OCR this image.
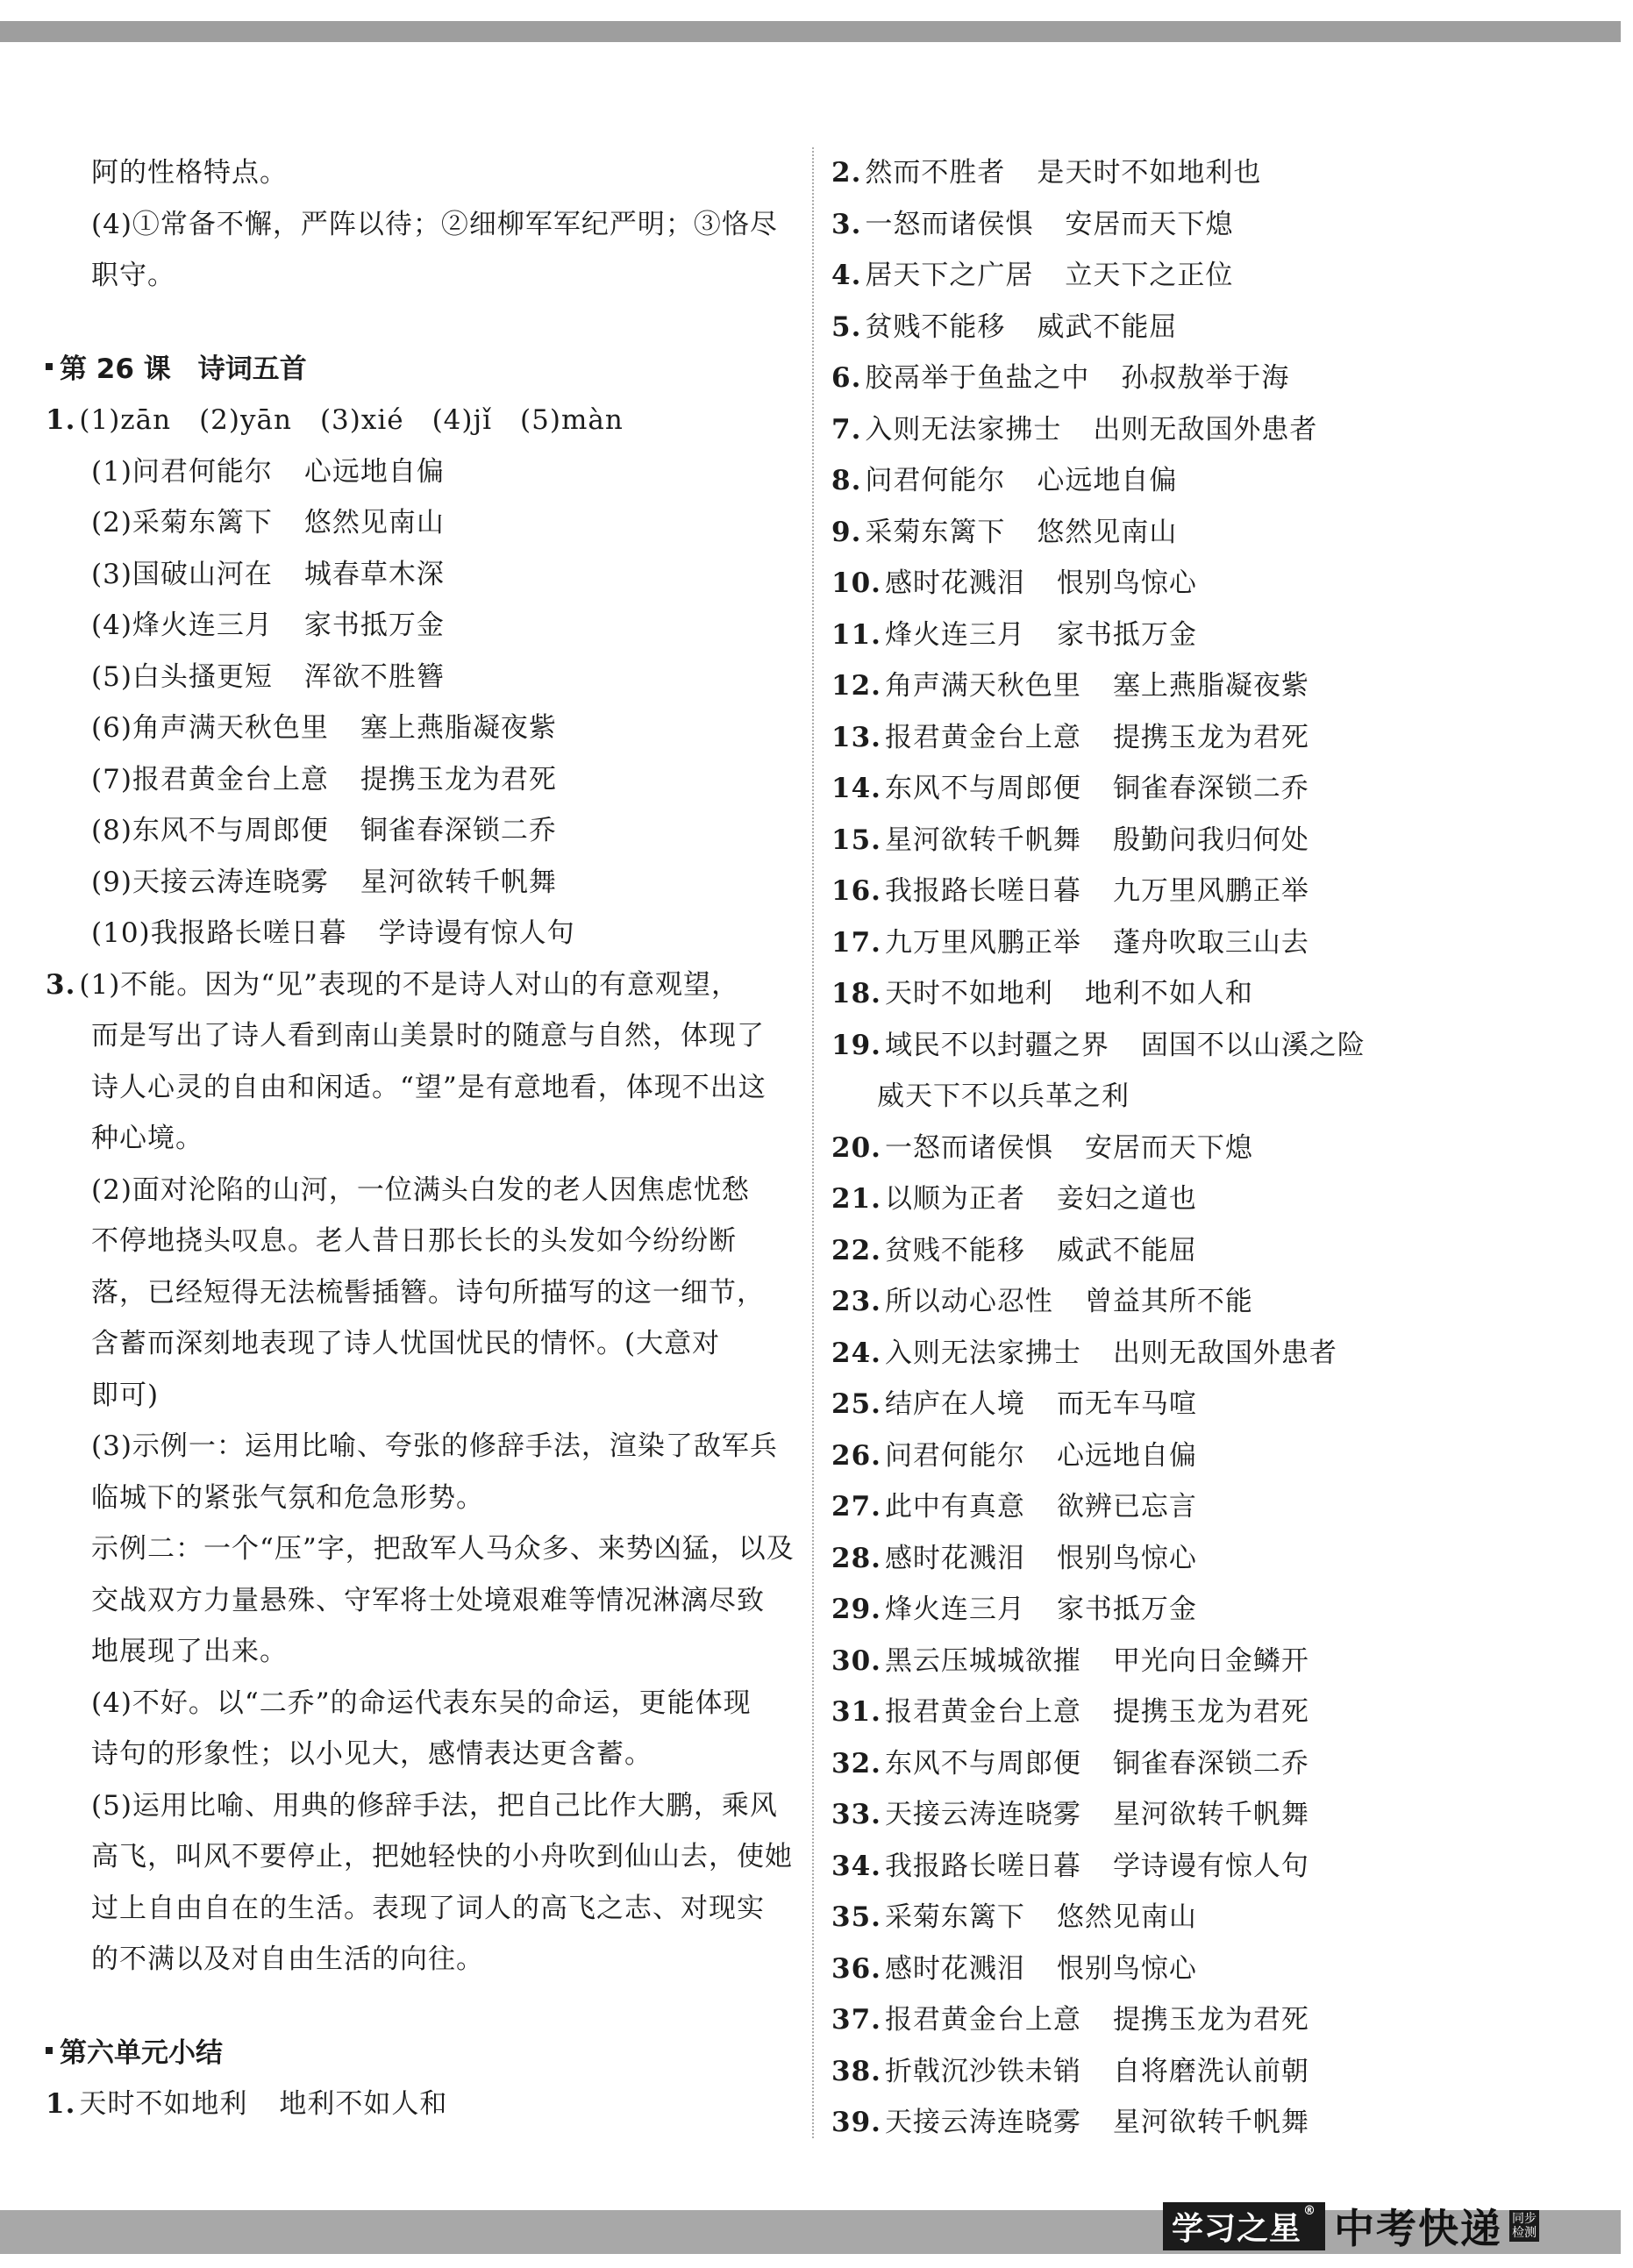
阿的性格特点。
(4)①常备不懈，严阵以待；②细柳军军纪严明；③恪尽
职守。
第 26 课　诗词五首
1. (1)zān　(2)yān　(3)xié　(4)jǐ　(5)màn
(1)问君何能尔 心远地自偏
(2)采菊东篱下 悠然见南山
(3)国破山河在 城春草木深
(4)烽火连三月 家书抵万金
(5)白头搔更短 浑欲不胜簪
(6)角声满天秋色里 塞上燕脂凝夜紫
(7)报君黄金台上意 提携玉龙为君死
(8)东风不与周郎便 铜雀春深锁二乔
(9)天接云涛连晓雾 星河欲转千帆舞
(10)我报路长嗟日暮 学诗谩有惊人句
3. (1)不能。因为“见”表现的不是诗人对山的有意观望，
而是写出了诗人看到南山美景时的随意与自然，体现了
诗人心灵的自由和闲适。“望”是有意地看，体现不出这
种心境。
(2)面对沦陷的山河，一位满头白发的老人因焦虑忧愁
不停地挠头叹息。老人昔日那长长的头发如今纷纷断
落，已经短得无法梳髻插簪。诗句所描写的这一细节，
含蓄而深刻地表现了诗人忧国忧民的情怀。(大意对
即可)
(3)示例一：运用比喻、夸张的修辞手法，渲染了敌军兵
临城下的紧张气氛和危急形势。
示例二：一个“压”字，把敌军人马众多、来势凶猛，以及
交战双方力量悬殊、守军将士处境艰难等情况淋漓尽致
地展现了出来。
(4)不好。以“二乔”的命运代表东吴的命运，更能体现
诗句的形象性；以小见大，感情表达更含蓄。
(5)运用比喻、用典的修辞手法，把自己比作大鹏，乘风
高飞，叫风不要停止，把她轻快的小舟吹到仙山去，使她
过上自由自在的生活。表现了词人的高飞之志、对现实
的不满以及对自由生活的向往。
第六单元小结
1. 天时不如地利 地利不如人和
2. 然而不胜者 是天时不如地利也
3. 一怒而诸侯惧 安居而天下熄
4. 居天下之广居 立天下之正位
5. 贫贱不能移 威武不能屈
6. 胶鬲举于鱼盐之中 孙叔敖举于海
7. 入则无法家拂士 出则无敌国外患者
8. 问君何能尔 心远地自偏
9. 采菊东篱下 悠然见南山
10. 感时花溅泪 恨别鸟惊心
11. 烽火连三月 家书抵万金
12. 角声满天秋色里 塞上燕脂凝夜紫
13. 报君黄金台上意 提携玉龙为君死
14. 东风不与周郎便 铜雀春深锁二乔
15. 星河欲转千帆舞 殷勤问我归何处
16. 我报路长嗟日暮 九万里风鹏正举
17. 九万里风鹏正举 蓬舟吹取三山去
18. 天时不如地利 地利不如人和
19. 域民不以封疆之界 固国不以山溪之险
威天下不以兵革之利
20. 一怒而诸侯惧 安居而天下熄
21. 以顺为正者 妾妇之道也
22. 贫贱不能移 威武不能屈
23. 所以动心忍性 曾益其所不能
24. 入则无法家拂士 出则无敌国外患者
25. 结庐在人境 而无车马喧
26. 问君何能尔 心远地自偏
27. 此中有真意 欲辨已忘言
28. 感时花溅泪 恨别鸟惊心
29. 烽火连三月 家书抵万金
30. 黑云压城城欲摧 甲光向日金鳞开
31. 报君黄金台上意 提携玉龙为君死
32. 东风不与周郎便 铜雀春深锁二乔
33. 天接云涛连晓雾 星河欲转千帆舞
34. 我报路长嗟日暮 学诗谩有惊人句
35. 采菊东篱下 悠然见南山
36. 感时花溅泪 恨别鸟惊心
37. 报君黄金台上意 提携玉龙为君死
38. 折戟沉沙铁未销 自将磨洗认前朝
39. 天接云涛连晓雾 星河欲转千帆舞
学习之星 ® 中考快递 同步检测
